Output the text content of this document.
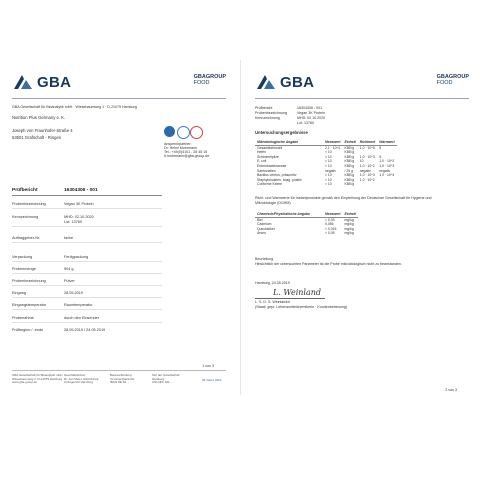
GBA	GBAGROUP
FOOD
GBA Gesellschaft für Bioanalytik mbH · Wiesebaumweg 1 · D-21079 Hamburg
Nutrition Plus Germany e. K.
Joseph von Fraunhofer-Straße 4
53501 Grafschaft - Ringen
Ansprechpartner:
Dr. Helmi Mohrmann
Tel.: +49(0)4101 - 28 45 16
h.mohrmann@gba-group.de
Prüfbericht	16304306 - 001
Probenbezeichnung	Vegan 3K Protein
Kennzeichnung	MHD: 02.10.2020
Lot: 13760
Auftraggeber-Nr.	keine
Verpackung	Fertigpackung
Probenmenge	904 g
Probenbezeichnung	Pulver
Eingang	28.05.2019
Eingangstemperatur	Raumtemperatur
Probenahme	durch den Einsender
Prüfbeginn / -ende	28.05.2019 / 24.05.2019
1 von 3
GBA Gesellschaft für Bioanalytik mbH
Wiesebaumweg 1, D-21079 Hamburg
www.gba-group.de
Geschäftsführer:
Dr. Jan Meier, Ralf Murzik
Amtsgericht Hamburg
Bankverbindung
Commerzbank AG
IBAN DE 84 ...
Sitz der Gesellschaft
Hamburg
USt-IdNr. DE ...
30 Jahre GBA
GBA	GBAGROUP
FOOD
Prüfbericht	16304306 - 001
Probenbezeichnung	Vegan 3K Protein
Kennzeichnung	MHD: 02.10.2020
Lot: 13760
Untersuchungsergebnisse
Mikrobiologische Angabe	Messwert	Einheit	Richtwert	Warnwert
Gesamtkeimzahl	2,1 · 10^4	KBE/g	1,0 · 10^5	5
Hefen	< 10	KBE/g		
Schimmelpilze	< 10	KBE/g	1,0 · 10^3	5
E. coli	< 10	KBE/g	10	1,0 · 10^2
Enterobacteriaceae	< 10	KBE/g	1,0 · 10^2	1,0 · 10^3
Salmonellen	negativ	/ 25 g	negativ	negativ
Bacillus cereus, präsumtiv	< 10	KBE/g	1,0 · 10^3	1,0 · 10^4
Staphylokokken, koag. positiv	< 10	KBE/g	1,0 · 10^2	
Coliforme Keime	< 10	KBE/g		
Richt- und Warnwerte für Instantprodukte gemäß den Empfehlung der Deutschen Gesellschaft für Hygiene und
Mikrobiologie (DGHM)
Chemisch/Physikalische Angabe	Messwert	Einheit
Blei	< 0,03	mg/kg
Cadmium	0,056	mg/kg
Quecksilber	< 0,015	mg/kg
Arsen	< 0,05	mg/kg
Beurteilung
Hinsichtlich der untersuchten Parameter ist die Probe mikrobiologisch nicht zu beanstanden.
Hamburg, 24.05.2019
L. Weinland
L. S. D. S. Weinlandol
(Staatl. gepr. Lebensmittelchemikerin · Kundenbetreuung)
2 von 3
